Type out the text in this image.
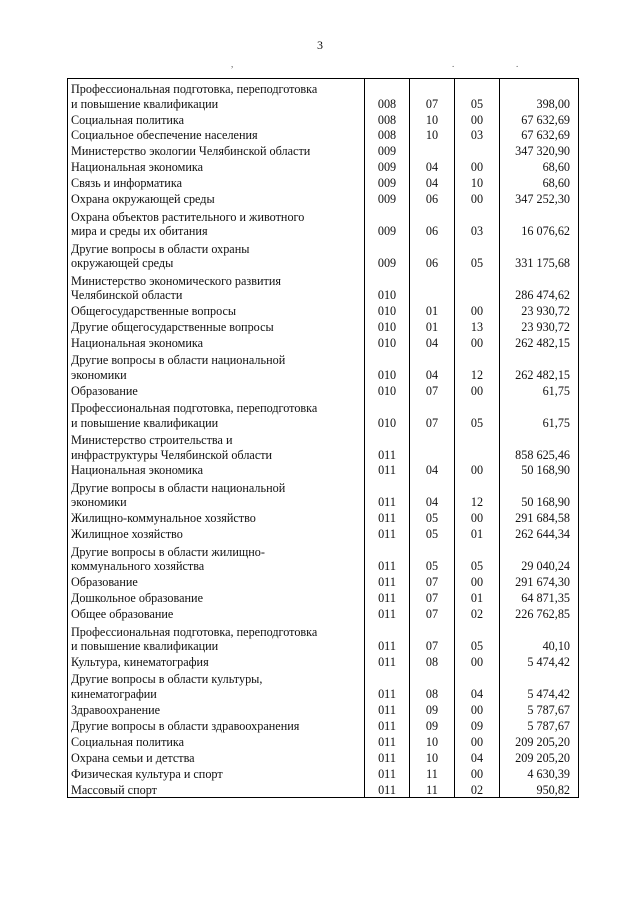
3
,	.	.
Профессиональная подготовка, переподготовка
и повышение квалификации	008	07	05	398,00

Социальная политика	008	10	00	67 632,69

Социальное обеспечение населения	008	10	03	67 632,69

Министерство экологии Челябинской области	009			347 320,90

Национальная экономика	009	04	00	68,60

Связь и информатика	009	04	10	68,60

Охрана окружающей среды	009	06	00	347 252,30

Охрана объектов растительного и животного
мира и среды их обитания	009	06	03	16 076,62

Другие вопросы в области охраны
окружающей среды	009	06	05	331 175,68

Министерство экономического развития
Челябинской области	010			286 474,62

Общегосударственные вопросы	010	01	00	23 930,72

Другие общегосударственные вопросы	010	01	13	23 930,72

Национальная экономика	010	04	00	262 482,15

Другие вопросы в области национальной
экономики	010	04	12	262 482,15

Образование	010	07	00	61,75

Профессиональная подготовка, переподготовка
и повышение квалификации	010	07	05	61,75

Министерство строительства и
инфраструктуры Челябинской области	011			858 625,46

Национальная экономика	011	04	00	50 168,90

Другие вопросы в области национальной
экономики	011	04	12	50 168,90

Жилищно-коммунальное хозяйство	011	05	00	291 684,58

Жилищное хозяйство	011	05	01	262 644,34

Другие вопросы в области жилищно-
коммунального хозяйства	011	05	05	29 040,24

Образование	011	07	00	291 674,30

Дошкольное образование	011	07	01	64 871,35

Общее образование	011	07	02	226 762,85

Профессиональная подготовка, переподготовка
и повышение квалификации	011	07	05	40,10

Культура, кинематография	011	08	00	5 474,42

Другие вопросы в области культуры,
кинематографии	011	08	04	5 474,42

Здравоохранение	011	09	00	5 787,67

Другие вопросы в области здравоохранения	011	09	09	5 787,67

Социальная политика	011	10	00	209 205,20

Охрана семьи и детства	011	10	04	209 205,20

Физическая культура и спорт	011	11	00	4 630,39

Массовый спорт	011	11	02	950,82
